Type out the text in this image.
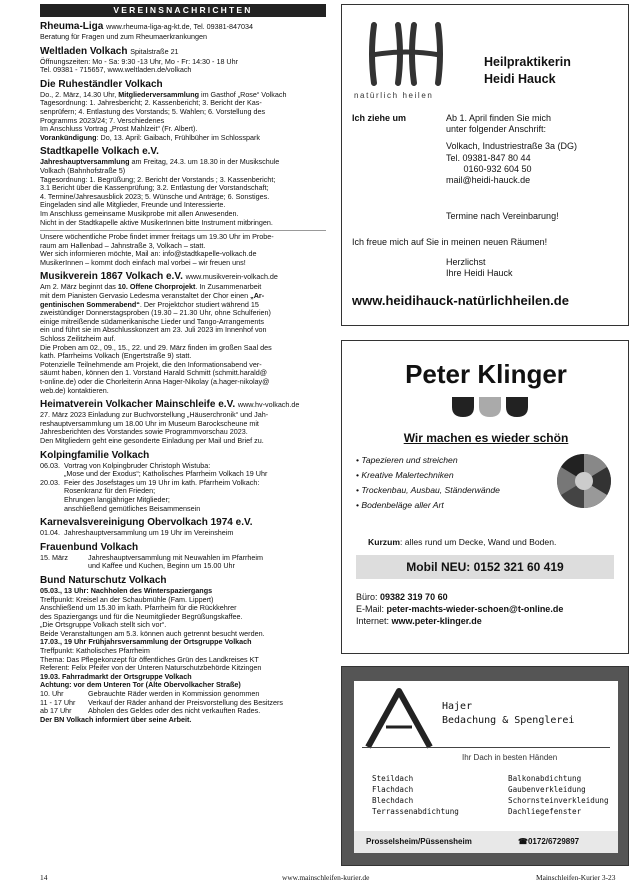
VEREINSNACHRICHTEN
Rheuma-Liga www.rheuma-liga-ag-kt.de, Tel. 09381-847034

Beratung für Fragen und zum Rheumaerkrankungen

Weltladen Volkach Spitalstraße 21

Öffnungszeiten: Mo - Sa: 9:30 -13 Uhr, Mo - Fr: 14:30 - 18 Uhr

Tel. 09381 - 715657, www.weltladen.de/volkach

Die Ruheständler Volkach

Do., 2. März, 14.30 Uhr, Mitgliederversammlung im Gasthof „Rose“ Volkach

Tagesordnung: 1. Jahresbericht; 2. Kassenbericht; 3. Bericht der Kas-

senprüfern; 4. Entlastung des Vorstands; 5. Wahlen; 6. Vorstellung des

Programms 2023/24; 7. Verschiedenes

Im Anschluss Vortrag „Prost Mahlzeit“ (Fr. Albert).

Vorankündigung: Do, 13. April: Gaibach, Frühlbüher im Schlosspark

Stadtkapelle Volkach e.V.

Jahreshauptversammlung am Freitag, 24.3. um 18.30 in der Musikschule

Volkach (Bahnhofstraße 5)

Tagesordnung: 1. Begrüßung; 2. Bericht der Vorstands ; 3. Kassenbericht;

3.1 Bericht über die Kassenprüfung; 3.2. Entlastung der Vorstandschaft;

4. Termine/Jahresausblick 2023; 5. Wünsche und Anträge; 6. Sonstiges.

Eingeladen sind alle Mitglieder, Freunde und Interessierte.

Im Anschluss gemeinsame Musikprobe mit allen Anwesenden.

Nicht in der Stadtkapelle aktive MusikerInnen bitte Instrument mitbringen.

Unsere wöchentliche Probe findet immer freitags um 19.30 Uhr im Probe-

raum am Hallenbad – Jahnstraße 3, Volkach – statt.

Wer sich informieren möchte, Mail an: info@stadtkapelle-volkach.de

MusikerInnen – kommt doch einfach mal vorbei – wir freuen uns!

Musikverein 1867 Volkach e.V. www.musikverein-volkach.de

Am 2. März beginnt das 10. Offene Chorprojekt. In Zusammenarbeit

mit dem Pianisten Gervasio Ledesma veranstaltet der Chor einen „Ar-

gentinischen Sommerabend“. Der Projektchor studiert während 15

zweistündiger Donnerstagsproben (19.30 – 21.30 Uhr, ohne Schulferien)

einige mitreißende südamerikanische Lieder und Tango-Arrangements

ein und führt sie im Abschlusskonzert am 23. Juli 2023 im Innenhof von

Schloss Zeilitzheim auf.

Die Proben am 02., 09., 15., 22. und 29. März finden im großen Saal des

kath. Pfarrheims Volkach (Engertstraße 9) statt.

Potenzielle Teilnehmende am Projekt, die den Informationsabend ver-

säumt haben, können den 1. Vorstand Harald Schmitt (schmitt.harald@

t-online.de) oder die Chorleiterin Anna Hager-Nikolay (a.hager-nikolay@

web.de) kontaktieren.

Heimatverein Volkacher Mainschleife e.V. www.hv-volkach.de

27. März 2023 Einladung zur Buchvorstellung „Häuserchronik“ und Jah-

reshauptversammlung um 18.00 Uhr im Museum Barockscheune mit

Jahresberichten des Vorstandes sowie Programmvorschau 2023.

Den Mitgliedern geht eine gesonderte Einladung per Mail und Brief zu.

Kolpingfamilie Volkach
06.03. Vortrag von Kolpingbruder Christoph Wistuba:
„Mose und der Exodus“; Katholisches Pfarrheim Volkach 19 Uhr
20.03. Feier des Josefstages um 19 Uhr im kath. Pfarrheim Volkach:
Rosenkranz für den Frieden;
Ehrungen langjähriger Mitglieder;
anschließend gemütliches Beisammensein
Karnevalsvereinigung Obervolkach 1974 e.V.
01.04. Jahreshauptversammlung um 19 Uhr im Vereinsheim
Frauenbund Volkach
15. März	Jahreshauptversammlung mit Neuwahlen im Pfarrheim
und Kaffee und Kuchen, Beginn um 15.00 Uhr
Bund Naturschutz Volkach

05.03., 13 Uhr: Nachholen des Winterspaziergangs

Treffpunkt: Kreisel an der Schaubmühle (Fam. Lippert)

Anschließend um 15.30 im kath. Pfarrheim für die Rückkehrer

des Spaziergangs und für die Neumitglieder Begrüßungskaffee.

„Die Ortsgruppe Volkach stellt sich vor“.

Beide Veranstaltungen am 5.3. können auch getrennt besucht werden.

17.03., 19 Uhr Frühjahrsversammlung der Ortsgruppe Volkach

Treffpunkt: Katholisches Pfarrheim

Thema: Das Pflegekonzept für öffentliches Grün des Landkreises KT

Referent: Felix Pfeifer von der Unteren Naturschutzbehörde Kitzingen

19.03. Fahrradmarkt der Ortsgruppe Volkach

Achtung: vor dem Unteren Tor (Alte Obervolkacher Straße)

10. Uhr	Gebrauchte Räder werden in Kommission genommen
11 - 17 Uhr	Verkauf der Räder anhand der Preisvorstellung des Besitzers
ab 17 Uhr	Abholen des Geldes oder des nicht verkauften Rades.

Der BN Volkach informiert über seine Arbeit.

natürlich heilen
Heilpraktikerin
Heidi Hauck
Ich ziehe um	Ab 1. April finden Sie mich
unter folgender Anschrift:
Volkach, Industriestraße 3a (DG)
Tel. 09381-847 80 44
0160-932 604 50
mail@heidi-hauck.de
Termine nach Vereinbarung!
Ich freue mich auf Sie in meinen neuen Räumen!
Herzlichst
Ihre Heidi Hauck
www.heidihauck-natürlichheilen.de
Peter Klinger
Wir machen es wieder schön
• Tapezieren und streichen
• Kreative Malertechniken
• Trockenbau, Ausbau, Ständerwände
• Bodenbeläge aller Art
Kurzum: alles rund um Decke, Wand und Boden.
Mobil NEU: 0152 321 60 419
Büro: 09382 319 70 60
E-Mail: peter-machts-wieder-schoen@t-online.de
Internet: www.peter-klinger.de
Hajer
Bedachung & Spenglerei
Ihr Dach in besten Händen
Steildach
Flachdach
Blechdach
Terrassenabdichtung
Balkonabdichtung
Gaubenverkleidung
Schornsteinverkleidung
Dachliegefenster
Prosselsheim/Püssensheim	☎0172/6729897
14	www.mainschleifen-kurier.de	Mainschleifen-Kurier 3-23
